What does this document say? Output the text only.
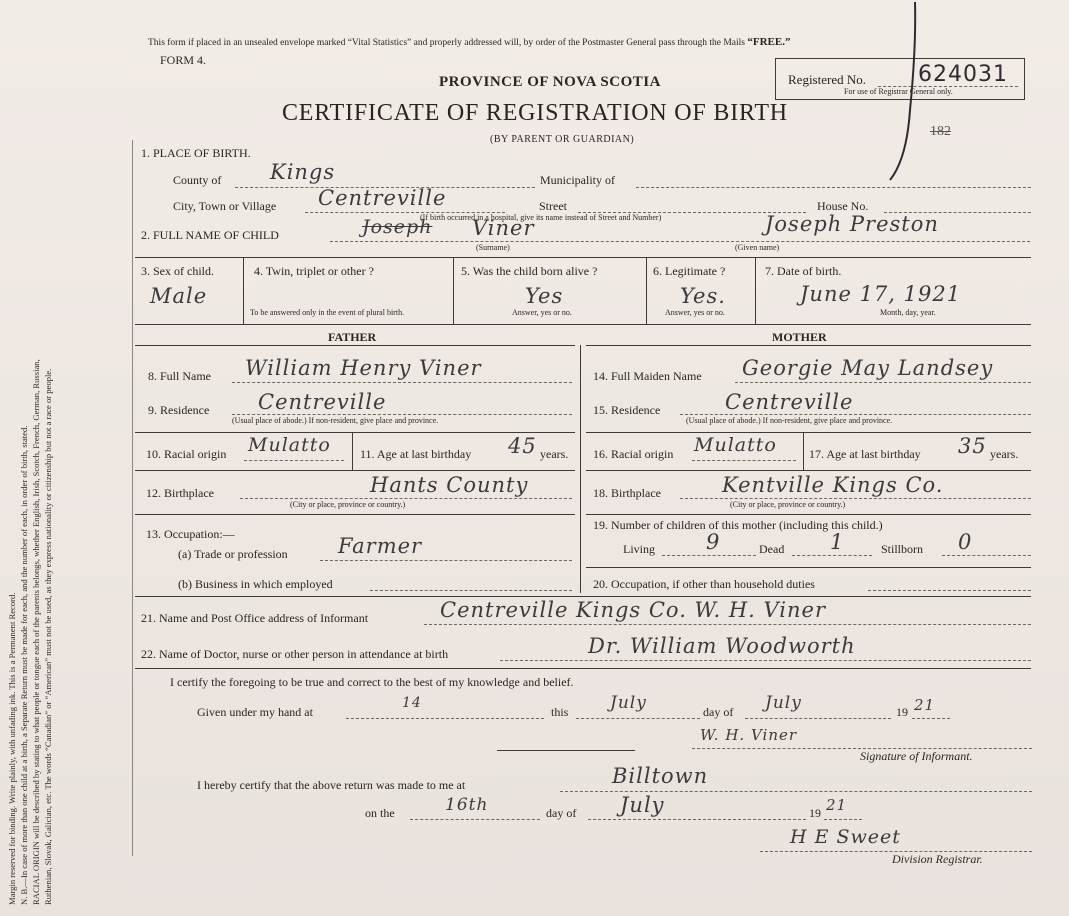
Margin reserved for binding. Write plainly, with unfading ink. This is a Permanent Record. N. B.—In case of more than one child at a birth, a Separate Return must be made for each, and the number of each, in order of birth, stated. RACIAL ORIGIN will be described by stating to what people or tongue each of the parents belongs, whether English, Irish, Scotch, French, German, Russian, Ruthenian, Slovak, Galician, etc. The words “Canadian” or “American” must not be used, as they express nationality or citizenship but not a race or people.
This form if placed in an unsealed envelope marked “Vital Statistics” and properly addressed will, by order of the Postmaster General pass through the Mails “FREE.”
FORM 4.
PROVINCE OF NOVA SCOTIA
CERTIFICATE OF REGISTRATION OF BIRTH
(BY PARENT OR GUARDIAN)
Registered No. 624031
For use of Registrar General only.
182
1. PLACE OF BIRTH.
County of Kings	Municipality of
City, Town or Village Centreville	Street	House No.
(If birth occurred in a hospital, give its name instead of Street and Number)
2. FULL NAME OF CHILD	Joseph Viner
(Surname)
Joseph Preston
(Given name)
3. Sex of child.
Male
4. Twin, triplet or other ?
To be answered only in the event of plural birth.
5. Was the child born alive ?
Yes
Answer, yes or no.
6. Legitimate ?
Yes.
Answer, yes or no.
7. Date of birth.
June 17, 1921
Month, day, year.
FATHER	MOTHER
8. Full Name William Henry Viner
9. Residence Centreville
(Usual place of abode.) If non-resident, give place and province.
10. Racial origin Mulatto 11. Age at last birthday 45 years.
12. Birthplace	Hants County
(City or place, province or country.)
13. Occupation:—
(a) Trade or profession Farmer
(b) Business in which employed
14. Full Maiden Name Georgie May Landsey
15. Residence	Centreville
(Usual place of abode.) If non-resident, give place and province.
16. Racial origin Mulatto	17. Age at last birthday 35 years.
18. Birthplace	Kentville Kings Co.
(City or place, province or country.)
19. Number of children of this mother (including this child.)
Living 9	Dead 1	Stillborn 0
20. Occupation, if other than household duties
21. Name and Post Office address of Informant	Centreville Kings Co. W. H. Viner
22. Name of Doctor, nurse or other person in attendance at birth	Dr. William Woodworth
I certify the foregoing to be true and correct to the best of my knowledge and belief.
Given under my hand at
14
this July	day of July	19 21
W. H. Viner
Signature of Informant.
I hereby certify that the above return was made to me at	Billtown
on the	16th	day of July	19 21
H E Sweet
Division Registrar.
